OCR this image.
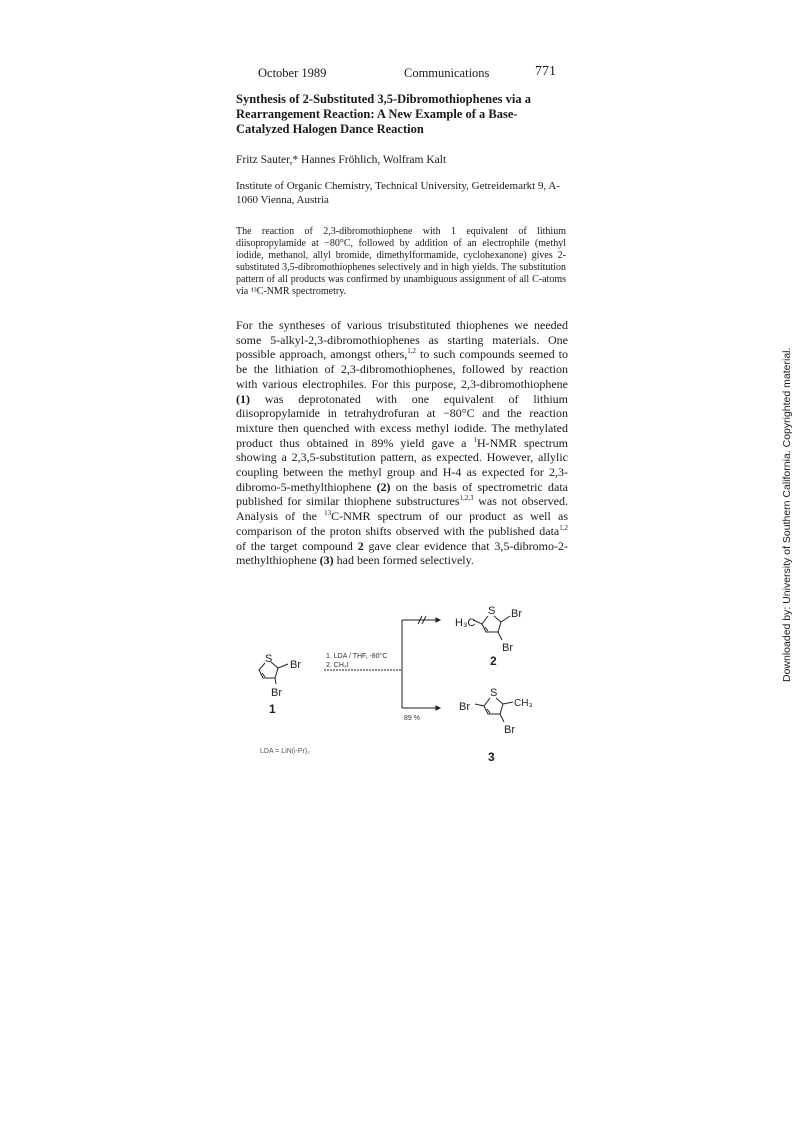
October 1989	Communications	771
Synthesis of 2-Substituted 3,5-Dibromothiophenes via a Rearrangement Reaction: A New Example of a Base-Catalyzed Halogen Dance Reaction
Fritz Sauter,* Hannes Fröhlich, Wolfram Kalt
Institute of Organic Chemistry, Technical University, Getreidemarkt 9, A-1060 Vienna, Austria
The reaction of 2,3-dibromothiophene with 1 equivalent of lithium diisopropylamide at −80°C, followed by addition of an electrophile (methyl iodide, methanol, allyl bromide, dimethylformamide, cyclohexanone) gives 2-substituted 3,5-dibromothiophenes selectively and in high yields. The substitution pattern of all products was confirmed by unambiguous assignment of all C-atoms via ¹³C-NMR spectrometry.
For the syntheses of various trisubstituted thiophenes we needed some 5-alkyl-2,3-dibromothiophenes as starting materials. One possible approach, amongst others,$^{1,2}$ to such compounds seemed to be the lithiation of 2,3-dibromothiophenes, followed by reaction with various electrophiles. For this purpose, 2,3-dibromothiophene (1) was deprotonated with one equivalent of lithium diisopropylamide in tetrahydrofuran at −80°C and the reaction mixture then quenched with excess methyl iodide. The methylated product thus obtained in 89% yield gave a $^1$H-NMR spectrum showing a 2,3,5-substitution pattern, as expected. However, allylic coupling between the methyl group and H-4 as expected for 2,3-dibromo-5-methylthiophene (2) on the basis of spectrometric data published for similar thiophene substructures$^{1,2,3}$ was not observed. Analysis of the $^{13}$C-NMR spectrum of our product as well as comparison of the proton shifts observed with the published data$^{1,2}$ of the target compound 2 gave clear evidence that 3,5-dibromo-2-methylthiophene (3) had been formed selectively.
S Br
Br
1
1. LDA / THF, -80°C
2. CH₃I
89 %
S
H₃C
Br
Br
2
S
Br	CH₃
Br
LDA = LiN(i-Pr)₂	3
Downloaded by: University of Southern California. Copyrighted material.
